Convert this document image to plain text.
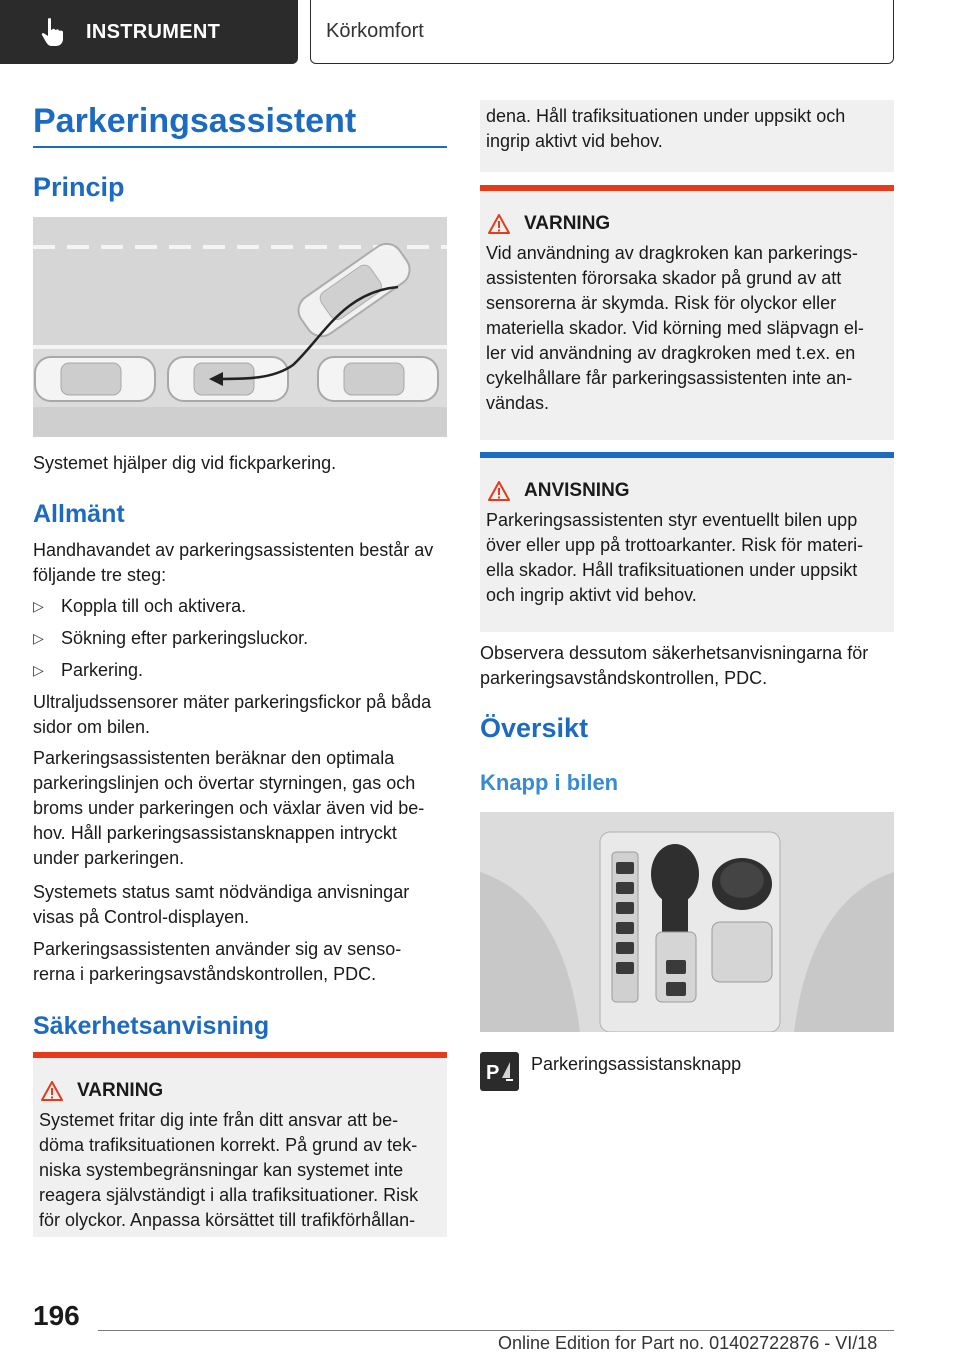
INSTRUMENT	Körkomfort
Parkeringsassistent
Princip
Systemet hjälper dig vid fickparkering.
Allmänt
Handhavandet av parkeringsassistenten består av följande tre steg:
▷ Koppla till och aktivera.
▷ Sökning efter parkeringsluckor.
▷ Parkering.
Ultraljudssensorer mäter parkeringsfickor på båda sidor om bilen.
Parkeringsassistenten beräknar den optimala parkeringslinjen och övertar styrningen, gas och broms under parkeringen och växlar även vid be- hov. Håll parkeringsassistansknappen intryckt under parkeringen.
Systemets status samt nödvändiga anvisningar visas på Control-displayen.
Parkeringsassistenten använder sig av senso- rerna i parkeringsavståndskontrollen, PDC.
Säkerhetsanvisning
VARNING
Systemet fritar dig inte från ditt ansvar att be- döma trafiksituationen korrekt. På grund av tek- niska systembegränsningar kan systemet inte reagera självständigt i alla trafiksituationer. Risk för olyckor. Anpassa körsättet till trafikförhållan-
dena. Håll trafiksituationen under uppsikt och ingrip aktivt vid behov.
VARNING
Vid användning av dragkroken kan parkerings- assistenten förorsaka skador på grund av att sensorerna är skymda. Risk för olyckor eller materiella skador. Vid körning med släpvagn el- ler vid användning av dragkroken med t.ex. en cykelhållare får parkeringsassistenten inte an- vändas.
ANVISNING
Parkeringsassistenten styr eventuellt bilen upp över eller upp på trottoarkanter. Risk för materi- ella skador. Håll trafiksituationen under uppsikt och ingrip aktivt vid behov.
Observera dessutom säkerhetsanvisningarna för parkeringsavståndskontrollen, PDC.
Översikt
Knapp i bilen
P Parkeringsassistansknapp
196
Online Edition for Part no. 01402722876 - VI/18
